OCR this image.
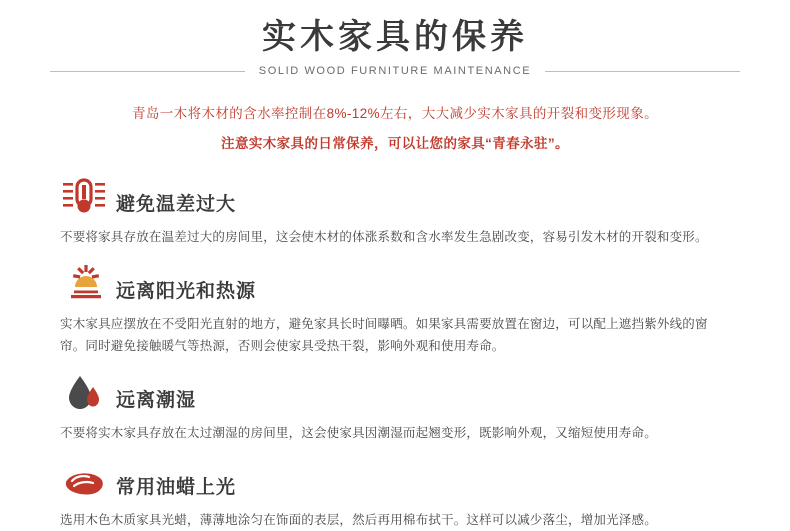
实木家具的保养
SOLID WOOD FURNITURE MAINTENANCE
青岛一木将木材的含水率控制在8%-12%左右，大大减少实木家具的开裂和变形现象。
注意实木家具的日常保养，可以让您的家具“青春永驻”。
避免温差过大
不要将家具存放在温差过大的房间里，这会使木材的体涨系数和含水率发生急剧改变，容易引发木材的开裂和变形。
远离阳光和热源
实木家具应摆放在不受阳光直射的地方，避免家具长时间曝晒。如果家具需要放置在窗边，可以配上遮挡紫外线的窗帘。同时避免接触暖气等热源，否则会使家具受热干裂，影响外观和使用寿命。
远离潮湿
不要将实木家具存放在太过潮湿的房间里，这会使家具因潮湿而起翘变形，既影响外观，又缩短使用寿命。
常用油蜡上光
选用木色木质家具光蜡，薄薄地涂匀在饰面的表层，然后再用棉布拭干。这样可以减少落尘，增加光泽感。
